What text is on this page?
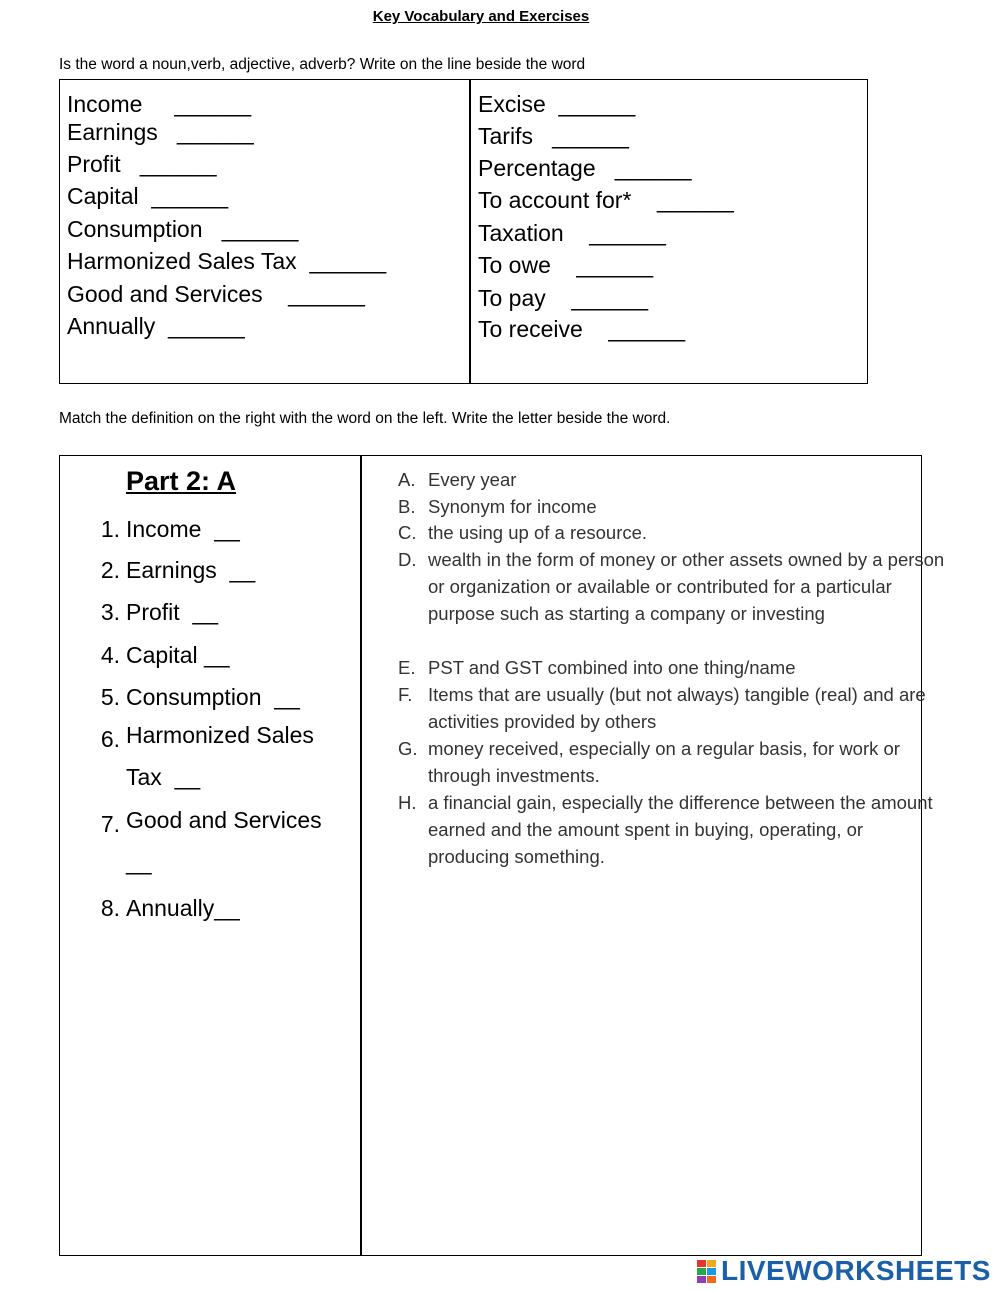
Key Vocabulary and Exercises
Is the word a noun,verb, adjective, adverb? Write on the line beside the word
Income     ______
Earnings   ______
Profit   ______
Capital  ______
Consumption   ______
Harmonized Sales Tax  ______
Good and Services    ______
Annually  ______
Excise  ______
Tarifs   ______
Percentage   ______
To account for*    ______
Taxation    ______
To owe    ______
To pay    ______
To receive    ______
Match the definition on the right with the word on the left. Write the letter beside the word.
Part 2: A
1. Income  __
2. Earnings  __
3. Profit  __
4. Capital __
5. Consumption  __
6. Harmonized Sales

Tax  __
7. Good and Services

__
8. Annually__
A. Every year
B. Synonym for income
C. the using up of a resource.
D. wealth in the form of money or other assets owned by a person or organization or available or contributed for a particular purpose such as starting a company or investing
E. PST and GST combined into one thing/name
F. Items that are usually (but not always) tangible (real) and are activities provided by others
G. money received, especially on a regular basis, for work or through investments.
H. a financial gain, especially the difference between the amount earned and the amount spent in buying, operating, or producing something.
LIVEWORKSHEETS
